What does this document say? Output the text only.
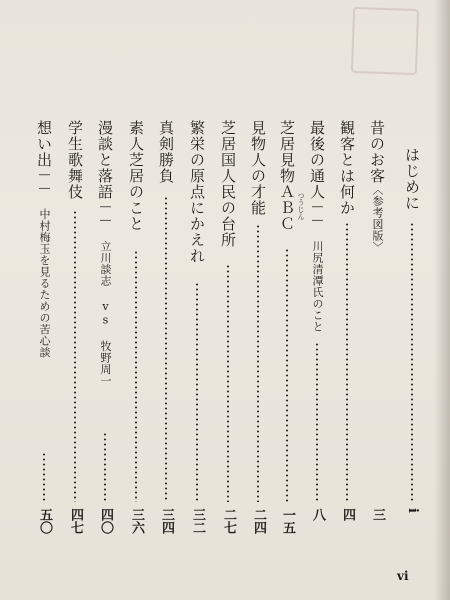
はじめに
i
昔のお客〈参考図版〉
三
観客とは何か
四
最後の通人―― 川尻清潭氏のこと
つうじん
八
芝居見物ＡＢＣ
一五
見物人の才能
二四
芝居国人民の台所
二七
繁栄の原点にかえれ
三二
真剣勝負
三四
素人芝居のこと
三六
漫談と落語―― 立川談志 vs 牧野周一
四〇
学生歌舞伎
四七
想い出―― 中村梅玉を見るための苦心談
五〇
vi
